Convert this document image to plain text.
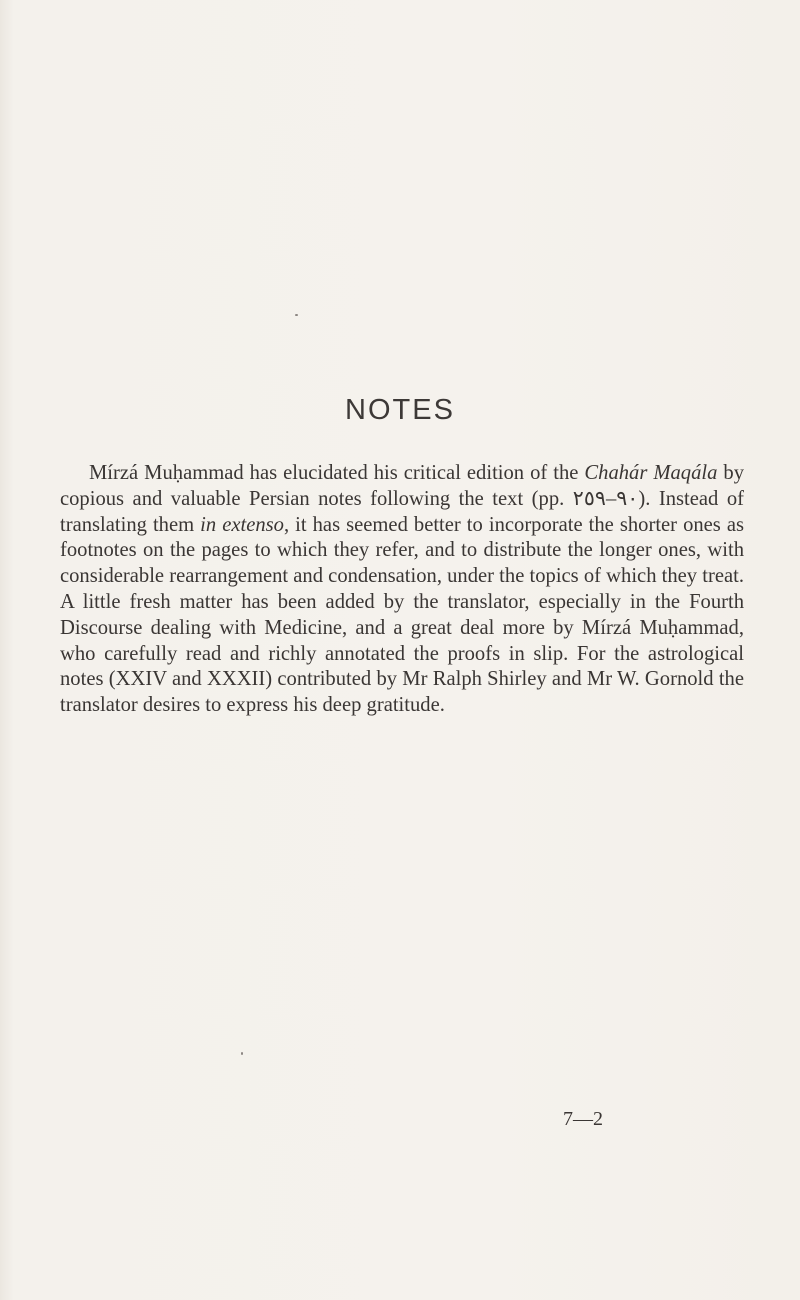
NOTES

Mírzá Muḥammad has elucidated his critical edition of the Chahár Maqála by copious and valuable Persian notes following the text (pp. ٩٠–٢٥٩). Instead of translating them in extenso, it has seemed better to incorporate the shorter ones as footnotes on the pages to which they refer, and to distribute the longer ones, with considerable rearrangement and condensation, under the topics of which they treat. A little fresh matter has been added by the translator, especially in the Fourth Discourse dealing with Medicine, and a great deal more by Mírzá Muḥammad, who carefully read and richly annotated the proofs in slip. For the astrological notes (XXIV and XXXII) contributed by Mr Ralph Shirley and Mr W. Gornold the translator desires to express his deep gratitude.

7—2
